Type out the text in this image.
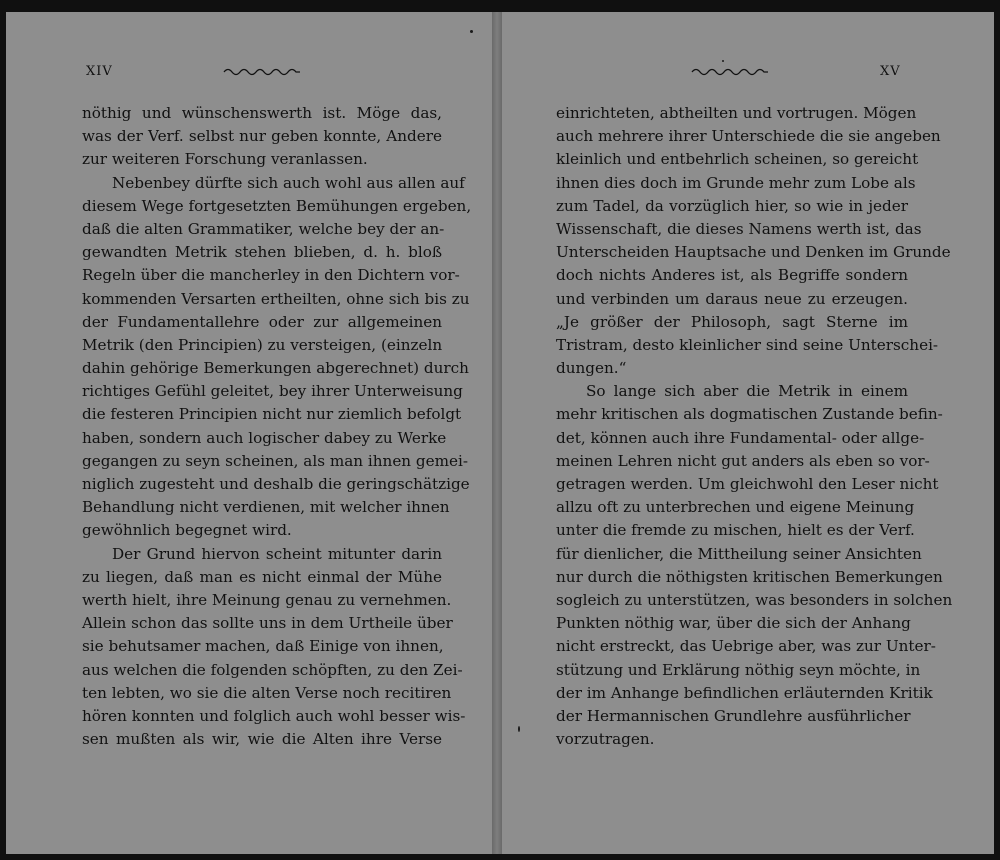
XIV	XV
nöthig und wünschenswerth ist. Möge das,
was der Verf. selbst nur geben konnte, Andere
zur weiteren Forschung veranlassen.
Nebenbey dürfte sich auch wohl aus allen auf
diesem Wege fortgesetzten Bemühungen ergeben,
daß die alten Grammatiker, welche bey der an-
gewandten Metrik stehen blieben, d. h. bloß
Regeln über die mancherley in den Dichtern vor-
kommenden Versarten ertheilten, ohne sich bis zu
der Fundamentallehre oder zur allgemeinen
Metrik (den Principien) zu versteigen, (einzeln
dahin gehörige Bemerkungen abgerechnet) durch
richtiges Gefühl geleitet, bey ihrer Unterweisung
die festeren Principien nicht nur ziemlich befolgt
haben, sondern auch logischer dabey zu Werke
gegangen zu seyn scheinen, als man ihnen gemei-
niglich zugesteht und deshalb die geringschätzige
Behandlung nicht verdienen, mit welcher ihnen
gewöhnlich begegnet wird.
Der Grund hiervon scheint mitunter darin
zu liegen, daß man es nicht einmal der Mühe
werth hielt, ihre Meinung genau zu vernehmen.
Allein schon das sollte uns in dem Urtheile über
sie behutsamer machen, daß Einige von ihnen,
aus welchen die folgenden schöpften, zu den Zei-
ten lebten, wo sie die alten Verse noch recitiren
hören konnten und folglich auch wohl besser wis-
sen mußten als wir, wie die Alten ihre Verse
einrichteten, abtheilten und vortrugen. Mögen
auch mehrere ihrer Unterschiede die sie angeben
kleinlich und entbehrlich scheinen, so gereicht
ihnen dies doch im Grunde mehr zum Lobe als
zum Tadel, da vorzüglich hier, so wie in jeder
Wissenschaft, die dieses Namens werth ist, das
Unterscheiden Hauptsache und Denken im Grunde
doch nichts Anderes ist, als Begriffe sondern
und verbinden um daraus neue zu erzeugen.
„Je größer der Philosoph, sagt Sterne im
Tristram, desto kleinlicher sind seine Unterschei-
dungen.“
So lange sich aber die Metrik in einem
mehr kritischen als dogmatischen Zustande befin-
det, können auch ihre Fundamental- oder allge-
meinen Lehren nicht gut anders als eben so vor-
getragen werden. Um gleichwohl den Leser nicht
allzu oft zu unterbrechen und eigene Meinung
unter die fremde zu mischen, hielt es der Verf.
für dienlicher, die Mittheilung seiner Ansichten
nur durch die nöthigsten kritischen Bemerkungen
sogleich zu unterstützen, was besonders in solchen
Punkten nöthig war, über die sich der Anhang
nicht erstreckt, das Uebrige aber, was zur Unter-
stützung und Erklärung nöthig seyn möchte, in
der im Anhange befindlichen erläuternden Kritik
der Hermannischen Grundlehre ausführlicher
vorzutragen.
